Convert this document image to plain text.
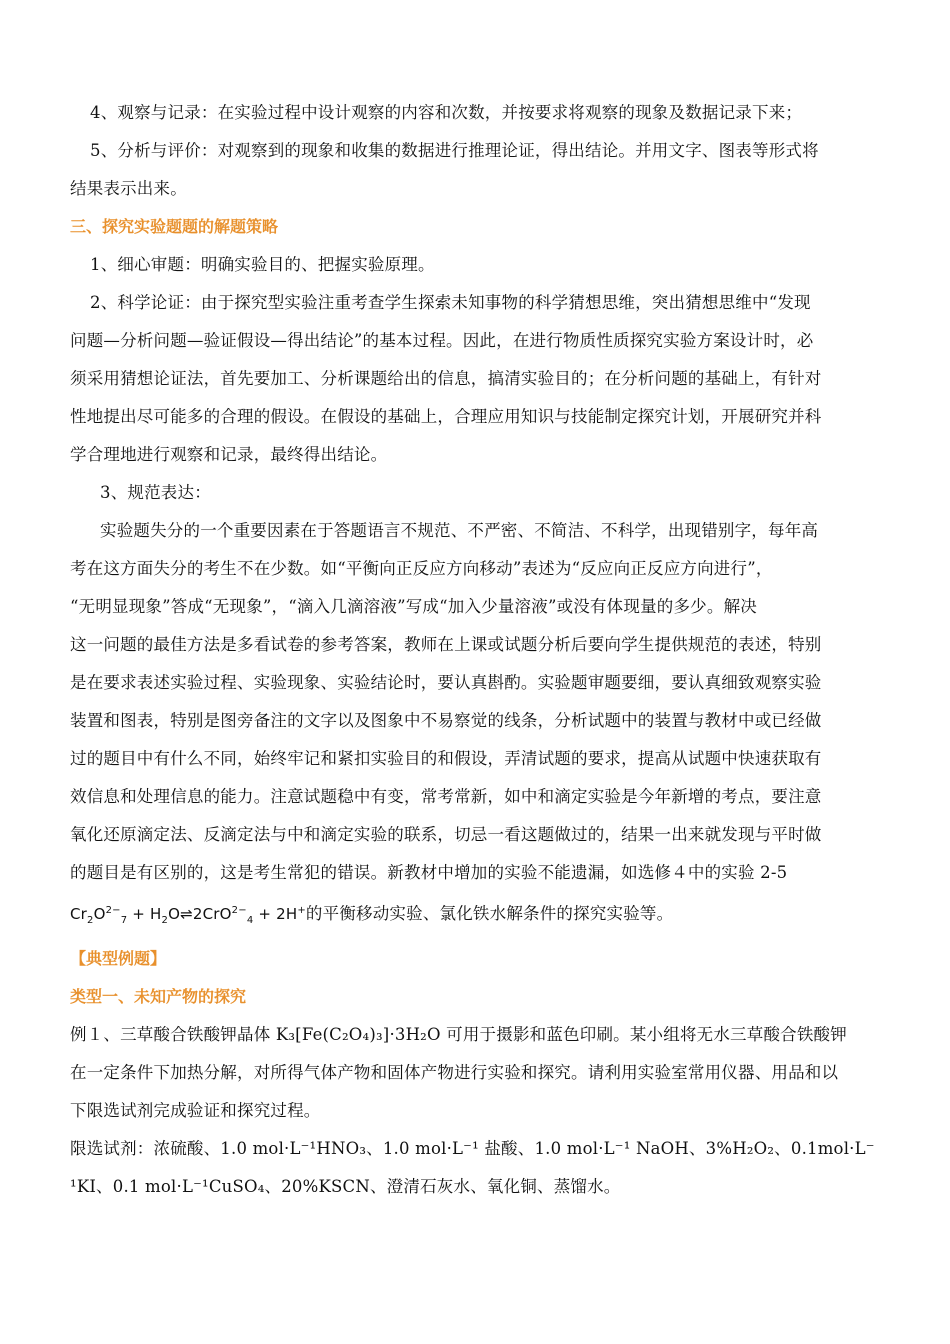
4、观察与记录：在实验过程中设计观察的内容和次数，并按要求将观察的现象及数据记录下来；
5、分析与评价：对观察到的现象和收集的数据进行推理论证，得出结论。并用文字、图表等形式将
结果表示出来。
三、探究实验题题的解题策略
1、细心审题：明确实验目的、把握实验原理。
2、科学论证：由于探究型实验注重考查学生探索未知事物的科学猜想思维，突出猜想思维中“发现
问题—分析问题—验证假设—得出结论”的基本过程。因此，在进行物质性质探究实验方案设计时，必
须采用猜想论证法，首先要加工、分析课题给出的信息，搞清实验目的；在分析问题的基础上，有针对
性地提出尽可能多的合理的假设。在假设的基础上，合理应用知识与技能制定探究计划，开展研究并科
学合理地进行观察和记录，最终得出结论。
3、规范表达：
实验题失分的一个重要因素在于答题语言不规范、不严密、不简洁、不科学，出现错别字，每年高
考在这方面失分的考生不在少数。如“平衡向正反应方向移动”表述为“反应向正反应方向进行”，
“无明显现象”答成“无现象”，“滴入几滴溶液”写成“加入少量溶液”或没有体现量的多少。解决
这一问题的最佳方法是多看试卷的参考答案，教师在上课或试题分析后要向学生提供规范的表述，特别
是在要求表述实验过程、实验现象、实验结论时，要认真斟酌。实验题审题要细，要认真细致观察实验
装置和图表，特别是图旁备注的文字以及图象中不易察觉的线条，分析试题中的装置与教材中或已经做
过的题目中有什么不同，始终牢记和紧扣实验目的和假设，弄清试题的要求，提高从试题中快速获取有
效信息和处理信息的能力。注意试题稳中有变，常考常新，如中和滴定实验是今年新增的考点，要注意
氧化还原滴定法、反滴定法与中和滴定实验的联系，切忌一看这题做过的，结果一出来就发现与平时做
的题目是有区别的，这是考生常犯的错误。新教材中增加的实验不能遗漏，如选修４中的实验 2-5
$Cr_2O^{2-}_7$ + $H_2O\rightleftharpoons 2CrO^{2-}_4 + 2H^+$的平衡移动实验、氯化铁水解条件的探究实验等。
【典型例题】
类型一、未知产物的探究
例１、三草酸合铁酸钾晶体 K₃[Fe(C₂O₄)₃]·3H₂O 可用于摄影和蓝色印刷。某小组将无水三草酸合铁酸钾
在一定条件下加热分解，对所得气体产物和固体产物进行实验和探究。请利用实验室常用仪器、用品和以
下限选试剂完成验证和探究过程。
限选试剂：浓硫酸、1.0 mol·L⁻¹HNO₃、1.0 mol·L⁻¹ 盐酸、1.0 mol·L⁻¹ NaOH、3%H₂O₂、0.1mol·L⁻
¹KI、0.1 mol·L⁻¹CuSO₄、20%KSCN、澄清石灰水、氧化铜、蒸馏水。
